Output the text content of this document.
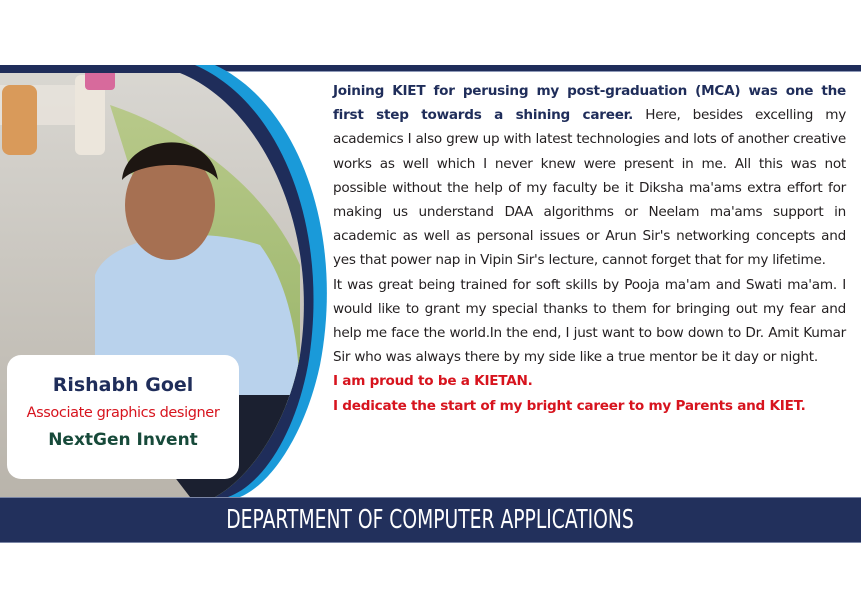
Joining KIET for perusing my post-graduation (MCA) was one the first step towards a shining career. Here, besides excelling my academics I also grew up with latest technologies and lots of another creative works as well which I never knew were present in me. All this was not possible without the help of my faculty be it Diksha ma'ams extra effort for making us understand DAA algorithms or Neelam ma'ams support in academic as well as personal issues or Arun Sir's networking concepts and yes that power nap in Vipin Sir's lecture, cannot forget that for my lifetime.

It was great being trained for soft skills by Pooja ma'am and Swati ma'am. I would like to grant my special thanks to them for bringing out my fear and help me face the world.In the end, I just want to bow down to Dr. Amit Kumar Sir who was always there by my side like a true mentor be it day or night.

I am proud to be a KIETAN.

I dedicate the start of my bright career to my Parents and KIET.

Rishabh Goel
Associate graphics designer
NextGen Invent
DEPARTMENT OF COMPUTER APPLICATIONS
